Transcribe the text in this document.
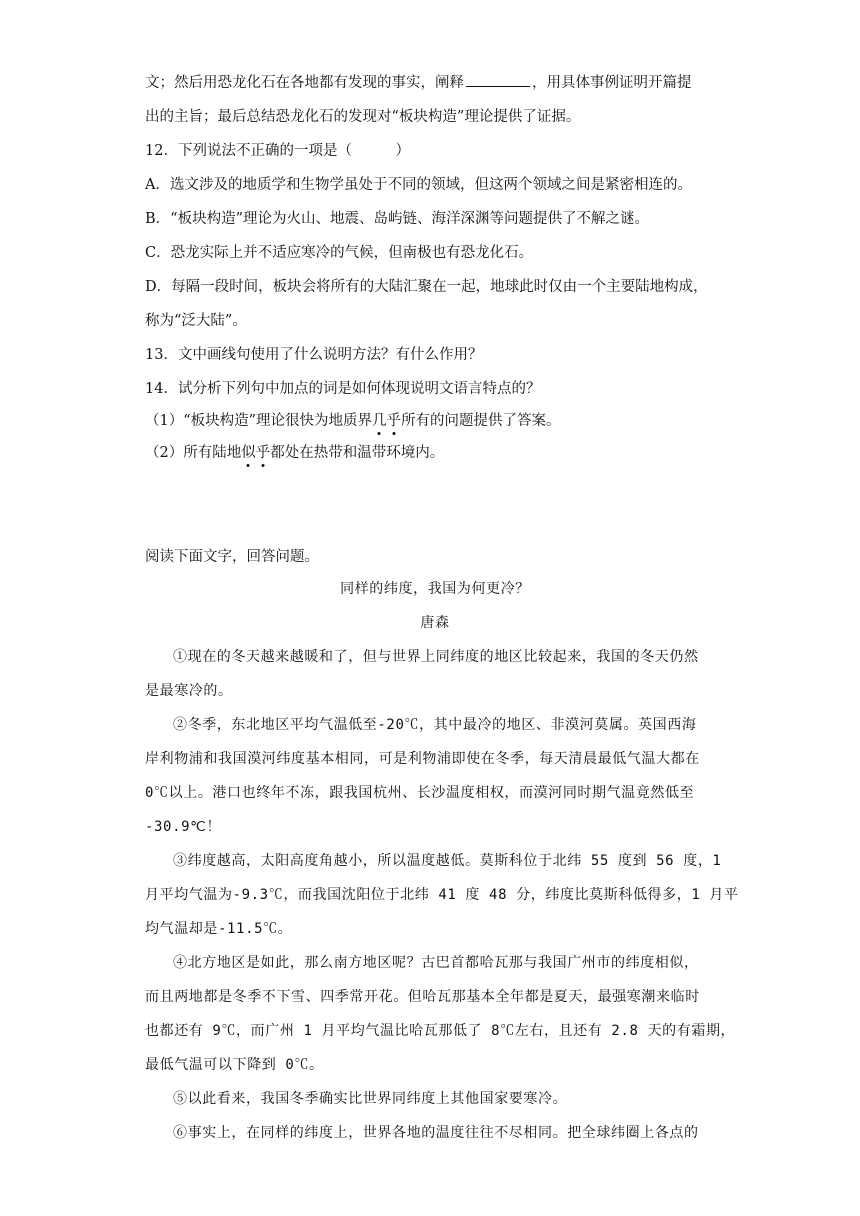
文；然后用恐龙化石在各地都有发现的事实，阐释	，用具体事例证明开篇提
出的主旨；最后总结恐龙化石的发现对“板块构造”理论提供了证据。
12．下列说法不正确的一项是（　　　）
A．选文涉及的地质学和生物学虽处于不同的领域，但这两个领域之间是紧密相连的。
B．“板块构造”理论为火山、地震、岛屿链、海洋深渊等问题提供了不解之谜。
C．恐龙实际上并不适应寒冷的气候，但南极也有恐龙化石。
D．每隔一段时间，板块会将所有的大陆汇聚在一起，地球此时仅由一个主要陆地构成，
称为“泛大陆”。
13．文中画线句使用了什么说明方法？有什么作用？
14．试分析下列句中加点的词是如何体现说明文语言特点的？
（1）“板块构造”理论很快为地质界几乎所有的问题提供了答案。
（2）所有陆地似乎都处在热带和温带环境内。
阅读下面文字，回答问题。
同样的纬度，我国为何更冷？
唐森
①现在的冬天越来越暖和了，但与世界上同纬度的地区比较起来，我国的冬天仍然
是最寒冷的。
②冬季，东北地区平均气温低至-20℃，其中最冷的地区、非漠河莫属。英国西海
岸利物浦和我国漠河纬度基本相同，可是利物浦即使在冬季，每天清晨最低气温大都在
0℃以上。港口也终年不冻，跟我国杭州、长沙温度相权，而漠河同时期气温竟然低至
-30.9℃！
③纬度越高，太阳高度角越小，所以温度越低。莫斯科位于北纬 55 度到 56 度，1
月平均气温为-9.3℃，而我国沈阳位于北纬 41 度 48 分，纬度比莫斯科低得多，1 月平
均气温却是-11.5℃。
④北方地区是如此，那么南方地区呢？古巴首都哈瓦那与我国广州市的纬度相似，
而且两地都是冬季不下雪、四季常开花。但哈瓦那基本全年都是夏天，最强寒潮来临时
也都还有 9℃，而广州 1 月平均气温比哈瓦那低了 8℃左右，且还有 2.8 天的有霜期，
最低气温可以下降到 0℃。
⑤以此看来，我国冬季确实比世界同纬度上其他国家要寒冷。
⑥事实上，在同样的纬度上，世界各地的温度往往不尽相同。把全球纬圈上各点的
